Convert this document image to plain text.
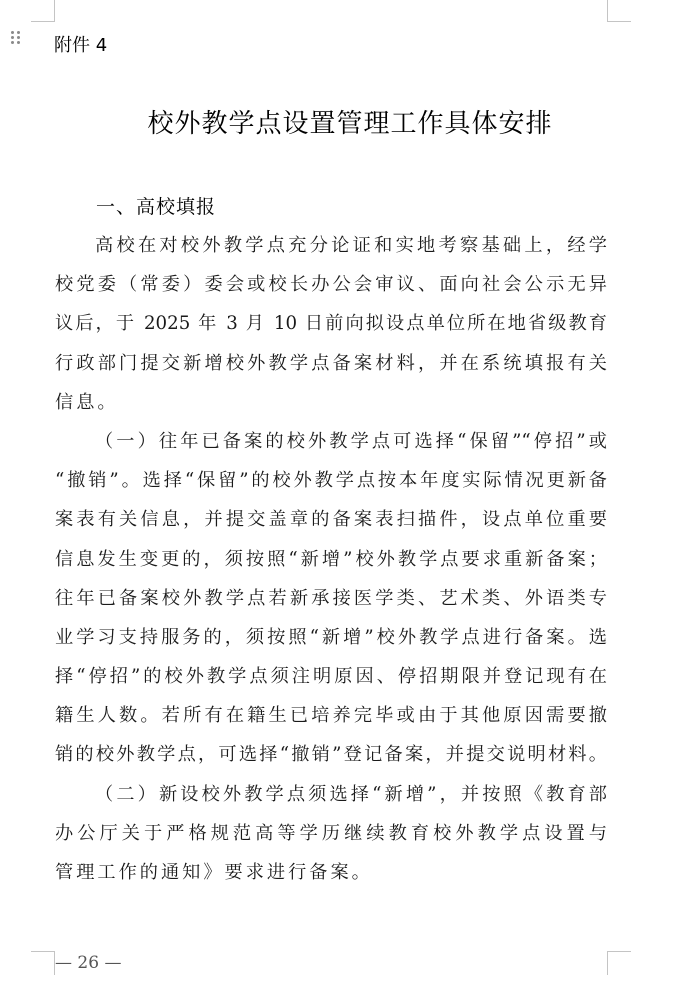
附件 4
校外教学点设置管理工作具体安排
一、高校填报
高校在对校外教学点充分论证和实地考察基础上，经学
校党委（常委）委会或校长办公会审议、面向社会公示无异
议后，于 2025 年 3 月 10 日前向拟设点单位所在地省级教育
行政部门提交新增校外教学点备案材料，并在系统填报有关
信息。
（一）往年已备案的校外教学点可选择“保留”“停招”或
“撤销”。选择“保留”的校外教学点按本年度实际情况更新备
案表有关信息，并提交盖章的备案表扫描件，设点单位重要
信息发生变更的，须按照“新增”校外教学点要求重新备案；
往年已备案校外教学点若新承接医学类、艺术类、外语类专
业学习支持服务的，须按照“新增”校外教学点进行备案。选
择“停招”的校外教学点须注明原因、停招期限并登记现有在
籍生人数。若所有在籍生已培养完毕或由于其他原因需要撤
销的校外教学点，可选择“撤销”登记备案，并提交说明材料。
（二）新设校外教学点须选择“新增”，并按照《教育部
办公厅关于严格规范高等学历继续教育校外教学点设置与
管理工作的通知》要求进行备案。
— 26 —
